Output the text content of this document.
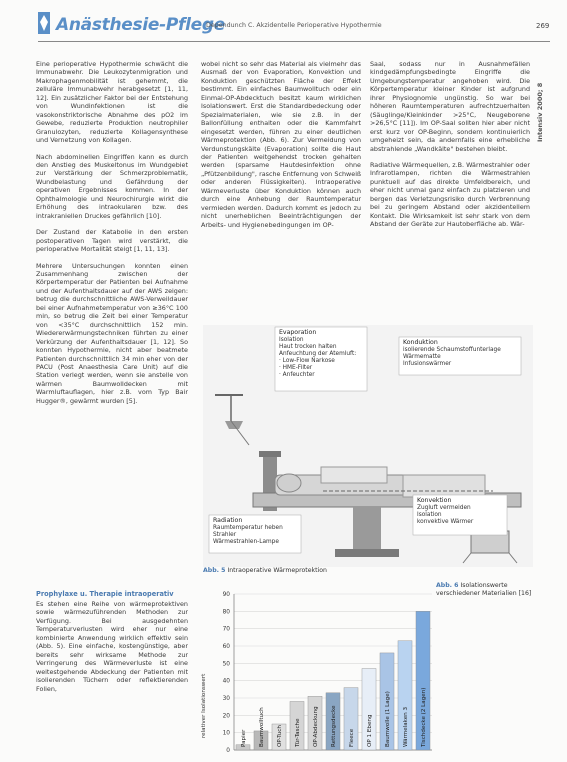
Anästhesie-Pflege
Dependunch C. Akzidentelle Perioperative Hypothermie	269
Intensiv 2000; 8

Eine perioperative Hypothermie schwächt die Immunabwehr. Die Leukozytenmigration und Makrophagenmobilität ist gehemmt, die zelluläre Immunabwehr herabgesetzt [1, 11, 12]. Ein zusätzlicher Faktor bei der Entstehung von Wundinfektionen ist die vasokonstriktorische Abnahme des pO2 im Gewebe, reduzierte Produktion neutrophiler Granulozyten, reduzierte Kollagensynthese und Vernetzung von Kollagen.

Nach abdominellen Eingriffen kann es durch den Anstieg des Muskeltonus im Wundgebiet zur Verstärkung der Schmerzproblematik, Wundbelastung und Gefährdung der operativen Ergebnisses kommen. In der Ophthalmologie und Neurochirurgie wirkt die Erhöhung des intraokularen bzw. des intrakraniellen Druckes gefährlich [10].

Der Zustand der Katabolie in den ersten postoperativen Tagen wird verstärkt, die perioperative Mortalität steigt [1, 11, 13].

Mehrere Untersuchungen konnten einen Zusammenhang zwischen der Körpertemperatur der Patienten bei Aufnahme und der Aufenthaltsdauer auf der AWS zeigen: betrug die durchschnittliche AWS-Verweildauer bei einer Aufnahmetemperatur von ≥36°C 100 min, so betrug die Zeit bei einer Temperatur von <35°C durchschnittlich 152 min. Wiedererwärmungstechniken führten zu einer Verkürzung der Aufenthaltsdauer [1, 12]. So konnten Hypothermie, nicht aber beatmete Patienten durchschnittlich 34 min eher von der PACU (Post Anaesthesia Care Unit) auf die Station verlegt werden, wenn sie anstelle von wärmen Baumwolldecken mit Warmluftauflagen, hier z.B. vom Typ Bair Hugger®, gewärmt wurden [5].

Prophylaxe u. Therapie intraoperativ

Es stehen eine Reihe von wärmeprotektiven sowie wärmezuführenden Methoden zur Verfügung. Bei ausgedehnten Temperaturverlusten wird eher nur eine kombinierte Anwendung wirklich effektiv sein (Abb. 5). Eine einfache, kostengünstige, aber bereits sehr wirksame Methode zur Verringerung des Wärmeverluste ist eine weitestgehende Abdeckung der Patienten mit isolierenden Tüchern oder reflektierenden Folien,

wobei nicht so sehr das Material als vielmehr das Ausmaß der von Evaporation, Konvektion und Konduktion geschützten Fläche der Effekt bestimmt. Ein einfaches Baumwolltuch oder ein Einmal-OP-Abdecktuch besitzt kaum wirklichen Isolationswert. Erst die Standardbedeckung oder Spezialmaterialen, wie sie z.B. in der Ballonfüllung enthalten oder die Kammfahrt eingesetzt werden, führen zu einer deutlichen Wärmeprotektion (Abb. 6). Zur Vermeidung von Verdunstungskälte (Evaporation) sollte die Haut der Patienten weitgehendst trocken gehalten werden (sparsame Hautdesinfektion ohne „Pfützenbildung", rasche Entfernung von Schweiß oder anderen Flüssigkeiten). Intraoperative Wärmeverluste über Konduktion können auch durch eine Anhebung der Raumtemperatur vermieden werden. Dadurch kommt es jedoch zu nicht unerheblichen Beeinträchtigungen der Arbeits- und Hygienebedingungen im OP-

Saal, sodass nur in Ausnahmefällen kindgedämpfungsbedingte Eingriffe die Umgebungstemperatur angehoben wird. Die Körpertemperatur kleiner Kinder ist aufgrund ihrer Physiognomie ungünstig. So war bei höheren Raumtemperaturen aufrechtzuerhalten (Säuglinge/Kleinkinder >25°C, Neugeborene >26,5°C [11]). Im OP-Saal sollten hier aber nicht erst kurz vor OP-Beginn, sondern kontinuierlich umgeheizt sein, da andernfalls eine erhebliche abstrahlende „Wandkälte" bestehen bleibt.

Radiative Wärmequellen, z.B. Wärmestrahler oder Infrarotlampen, richten die Wärmestrahlen punktuell auf das direkte Umfeldbereich, und eher nicht unmal ganz einfach zu platzieren und bergen das Verletzungsrisiko durch Verbrennung bei zu geringem Abstand oder akzidentellem Kontakt. Die Wirksamkeit ist sehr stark von dem Abstand der Geräte zur Hautoberfläche ab. Wär-

Evaporation
Isolation
Haut trocken halten
Anfeuchtung der Atemluft:
· Low-Flow Narkose
· HME-Filter
· Anfeuchter
Konduktion
isolierende Schaumstoffunterlage
Wärmematte
Infusionswärmer
Radiation
Raumtemperatur heben
Strahler
Wärmestrahlen-Lampe
Konvektion
Zugluft vermeiden
Isolation
konvektive Wärmer
Abb. 5 Intraoperative Wärmeprotektion
relativer Isolationswert
0
10
20
30
40
50
60
70
80
90
Papier Baumwolltuch OP-Tuch Tür-Tasche OP-Abdeckung Rettungsdecke Fleece OP 1 Ebeng Baumwolle (1 Lage) Wärmelaken 3 Tischdecke (2 Lagen)
Abb. 6 Isolationswerte verschiedener Materialien [16]
